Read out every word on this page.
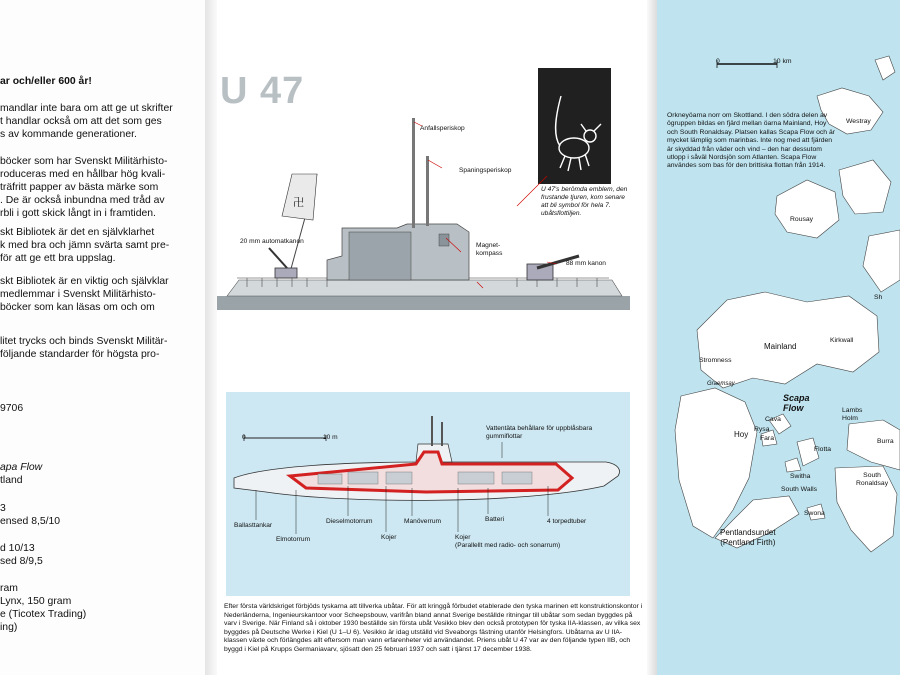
ar och/eller 600 år!
mandlar inte bara om att ge ut skrifter
t handlar också om att det som ges
s av kommande generationer.
böcker som har Svenskt Militärhisto-
roduceras med en hållbar hög kvali-
träfritt papper av bästa märke som
. De är också inbundna med tråd av
rbli i gott skick långt in i framtiden.
skt Bibliotek är det en självklarhet
k med bra och jämn svärta samt pre-
för att ge ett bra uppslag.
skt Bibliotek är en viktig och självklar
medlemmar i Svenskt Militärhisto-
böcker som kan läsas om och om
litet trycks och binds Svenskt Militär-
följande standarder för högsta pro-
9706
apa Flow
tland
3
ensed 8,5/10
d 10/13
sed 8/9,5
ram
Lynx, 150 gram
e (Ticotex Trading)
ing)
U 47
卍
Anfallsperiskop
Spaningsperiskop
20 mm automatkanon
Magnet-
kompass
88 mm kanon
U 47's berömda emblem, den frustande tjuren, kom senare att bli symbol för hela 7. ubåtsflottiljen.
0	10 m
Vattentäta behållare för uppblåsbara gummiflottar
Ballasttankar
Elmotorrum
Dieselmotorrum
Kojer
Manöverrum
Kojer
(Parallellt med radio- och sonarrum)
Batteri	4 torpedtuber

Efter första världskriget förbjöds tyskarna att tillverka ubåtar. För att kringgå förbudet etablerade den tyska marinen ett konstruktionskontor i Nederländerna, Ingenieurskantoor voor Scheepsbouw, varifrån bland annat Sverige beställde ritningar till ubåtar som sedan byggdes på varv i Sverige. När Finland så i oktober 1930 beställde sin första ubåt Vesikko blev den också prototypen för tyska IIA-klassen, av vilka sex byggdes på Deutsche Werke i Kiel (U 1–U 6). Vesikko är idag utställd vid Sveaborgs fästning utanför Helsingfors. Ubåtarna av U IIA-klassen växte och förlängdes allt eftersom man vann erfarenheter vid användandet. Priens ubåt U 47 var av den följande typen IIB, och byggd i Kiel på Krupps Germaniavarv, sjösatt den 25 februari 1937 och satt i tjänst 17 december 1938.

0	10 km
Orkneyöarna norr om Skottland. I den södra delen av ögruppen bildas en fjärd mellan öarna Mainland, Hoy och South Ronaldsay. Platsen kallas Scapa Flow och är mycket lämplig som marinbas. Inte nog med att fjärden är skyddad från väder och vind – den har dessutom utlopp i såväl Nordsjön som Atlanten. Scapa Flow användes som bas för den brittiska flottan från 1914.
Westray
Rousay
Sh
Mainland
Kirkwall
Stromness
Graemsay
Scapa
Flow	Lambs
Holm
Cava
Rysa
Fara
Hoy
Flotta
Switha
South Walls
Burra
South
Ronaldsay
Swona
Pentlandsundet
(Pentland Firth)
